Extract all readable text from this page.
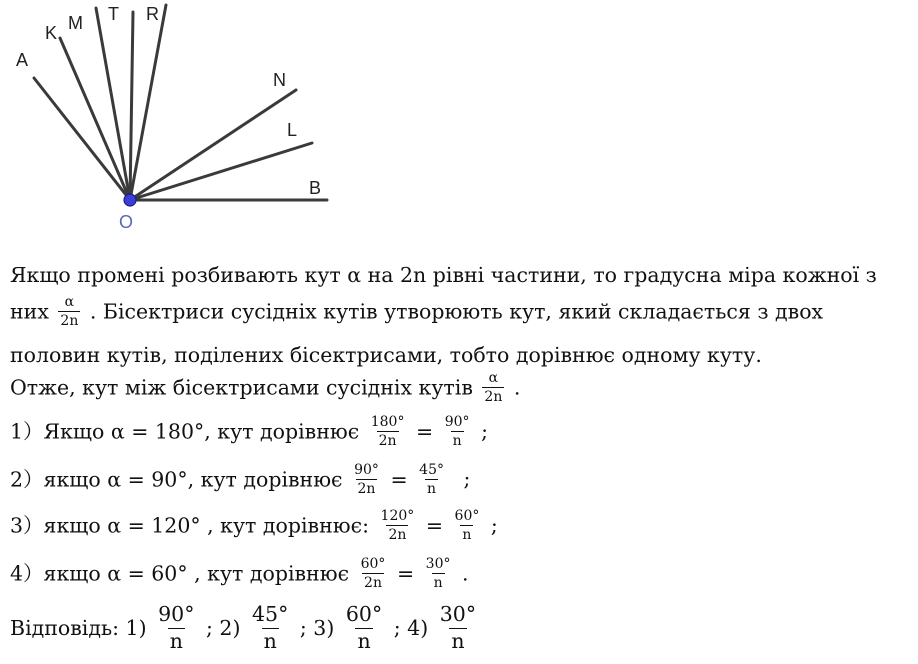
A
K M T R
N
L
B
O
Якщо промені розбивають кут α на 2n рівні частини, то градусна міра кожної з
них $\frac{\alpha}{2n}$ . Бісектриси сусідніх кутів утворюють кут, який складається з двох
половин кутів, поділених бісектрисами, тобто дорівнює одному куту.
Отже, кут між бісектрисами сусідніх кутів $\frac{\alpha}{2n}$ .
1）Якщо α = 180°, кут дорівнює $\frac{180^\circ}{2n} = \frac{90^\circ}{n}$ ;
2）якщо α = 90°, кут дорівнює $\frac{90^\circ}{2n} = \frac{45^\circ}{n}$ ;
3）якщо α = 120° , кут дорівнює: $\frac{120^\circ}{2n} = \frac{60^\circ}{n}$ ;
4）якщо α = 60° , кут дорівнює $\frac{60^\circ}{2n} = \frac{30^\circ}{n}$ .
Відповідь: $1) \frac{90^\circ}{n}$ ; $2) \frac{45^\circ}{n}$ ; $3) \frac{60^\circ}{n}$ ; $4) \frac{30^\circ}{n}$
